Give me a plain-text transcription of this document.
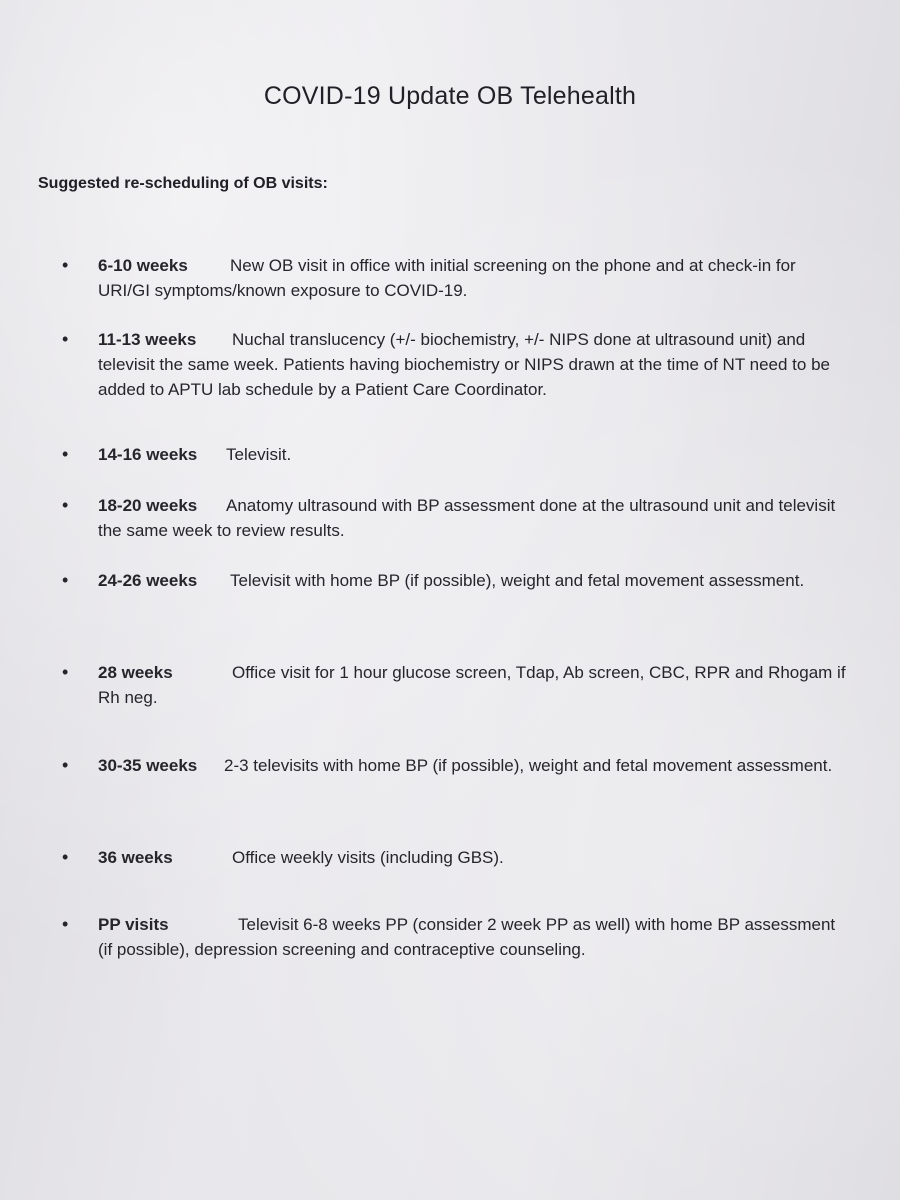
COVID-19 Update OB Telehealth
Suggested re-scheduling of OB visits:
•	6-10 weeks New OB visit in office with initial screening on the phone and at check-in for URI/GI symptoms/known exposure to COVID-19.
•	11-13 weeks Nuchal translucency (+/- biochemistry, +/- NIPS done at ultrasound unit) and televisit the same week. Patients having biochemistry or NIPS drawn at the time of NT need to be added to APTU lab schedule by a Patient Care Coordinator.
•	14-16 weeks Televisit.
•	18-20 weeks Anatomy ultrasound with BP assessment done at the ultrasound unit and televisit the same week to review results.
•	24-26 weeks Televisit with home BP (if possible), weight and fetal movement assessment.
•	28 weeks	Office visit for 1 hour glucose screen, Tdap, Ab screen, CBC, RPR and Rhogam if Rh neg.
•	30-35 weeks 2-3 televisits with home BP (if possible), weight and fetal movement assessment.
•	36 weeks	Office weekly visits (including GBS).
•	PP visits	Televisit 6-8 weeks PP (consider 2 week PP as well) with home BP assessment (if possible), depression screening and contraceptive counseling.
